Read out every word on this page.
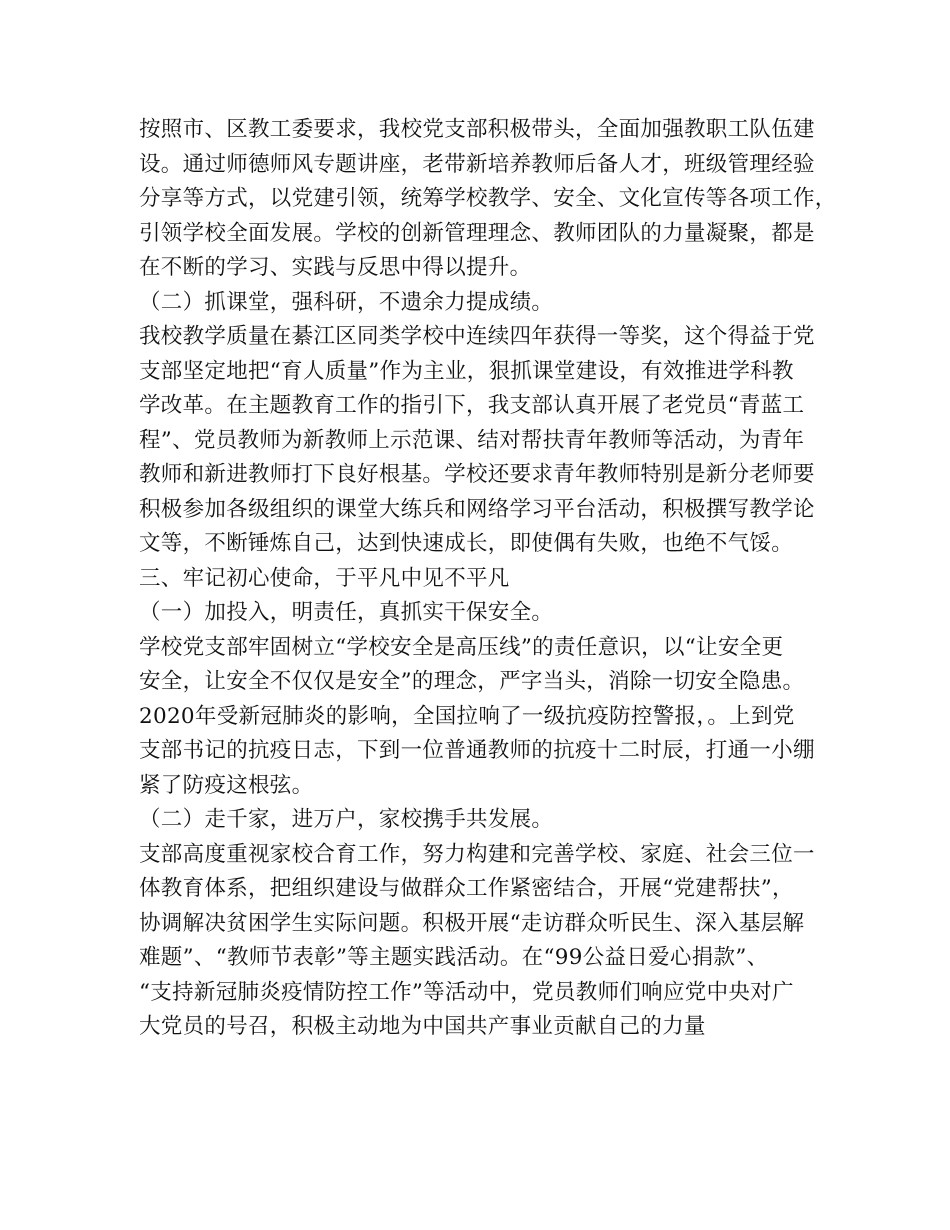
按照市、区教工委要求，我校党支部积极带头，全面加强教职工队伍建
设。通过师德师风专题讲座，老带新培养教师后备人才，班级管理经验
分享等方式，以党建引领，统筹学校教学、安全、文化宣传等各项工作，
引领学校全面发展。学校的创新管理理念、教师团队的力量凝聚，都是
在不断的学习、实践与反思中得以提升。
（二）抓课堂，强科研，不遗余力提成绩。
我校教学质量在綦江区同类学校中连续四年获得一等奖，这个得益于党
支部坚定地把“育人质量”作为主业，狠抓课堂建设，有效推进学科教
学改革。在主题教育工作的指引下，我支部认真开展了老党员“青蓝工
程”、党员教师为新教师上示范课、结对帮扶青年教师等活动，为青年
教师和新进教师打下良好根基。学校还要求青年教师特别是新分老师要
积极参加各级组织的课堂大练兵和网络学习平台活动，积极撰写教学论
文等，不断锤炼自己，达到快速成长，即使偶有失败，也绝不气馁。
三、牢记初心使命，于平凡中见不平凡
（一）加投入，明责任，真抓实干保安全。
学校党支部牢固树立“学校安全是高压线”的责任意识，以“让安全更
安全，让安全不仅仅是安全”的理念，严字当头，消除一切安全隐患。
2020年受新冠肺炎的影响，全国拉响了一级抗疫防控警报，。上到党
支部书记的抗疫日志，下到一位普通教师的抗疫十二时辰，打通一小绷
紧了防疫这根弦。
（二）走千家，进万户，家校携手共发展。
支部高度重视家校合育工作，努力构建和完善学校、家庭、社会三位一
体教育体系，把组织建设与做群众工作紧密结合，开展“党建帮扶”，
协调解决贫困学生实际问题。积极开展“走访群众听民生、深入基层解
难题”、“教师节表彰”等主题实践活动。在“99公益日爱心捐款”、
“支持新冠肺炎疫情防控工作”等活动中，党员教师们响应党中央对广
大党员的号召，积极主动地为中国共产事业贡献自己的力量
